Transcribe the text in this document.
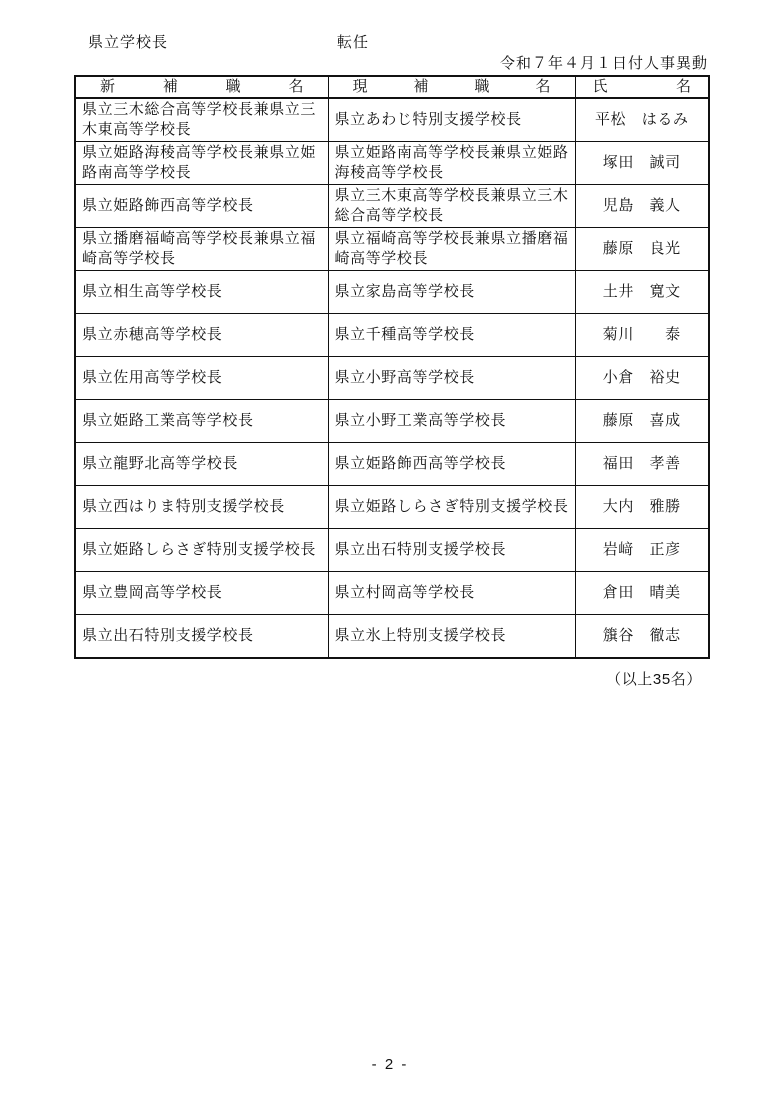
県立学校長	転任
令和７年４月１日付人事異動
新補職名	現補職名	氏名
県立三木総合高等学校長兼県立三木東高等学校長	県立あわじ特別支援学校長	平松　はるみ
県立姫路海稜高等学校長兼県立姫路南高等学校長	県立姫路南高等学校長兼県立姫路海稜高等学校長	塚田　誠司
県立姫路飾西高等学校長	県立三木東高等学校長兼県立三木総合高等学校長	児島　義人
県立播磨福崎高等学校長兼県立福崎高等学校長	県立福崎高等学校長兼県立播磨福崎高等学校長	藤原　良光
県立相生高等学校長	県立家島高等学校長	土井　寛文
県立赤穂高等学校長	県立千種高等学校長	菊川　　泰
県立佐用高等学校長	県立小野高等学校長	小倉　裕史
県立姫路工業高等学校長	県立小野工業高等学校長	藤原　喜成
県立龍野北高等学校長	県立姫路飾西高等学校長	福田　孝善
県立西はりま特別支援学校長	県立姫路しらさぎ特別支援学校長	大内　雅勝
県立姫路しらさぎ特別支援学校長	県立出石特別支援学校長	岩﨑　正彦
県立豊岡高等学校長	県立村岡高等学校長	倉田　晴美
県立出石特別支援学校長	県立氷上特別支援学校長	籏谷　徹志
（以上35名）
- 2 -
